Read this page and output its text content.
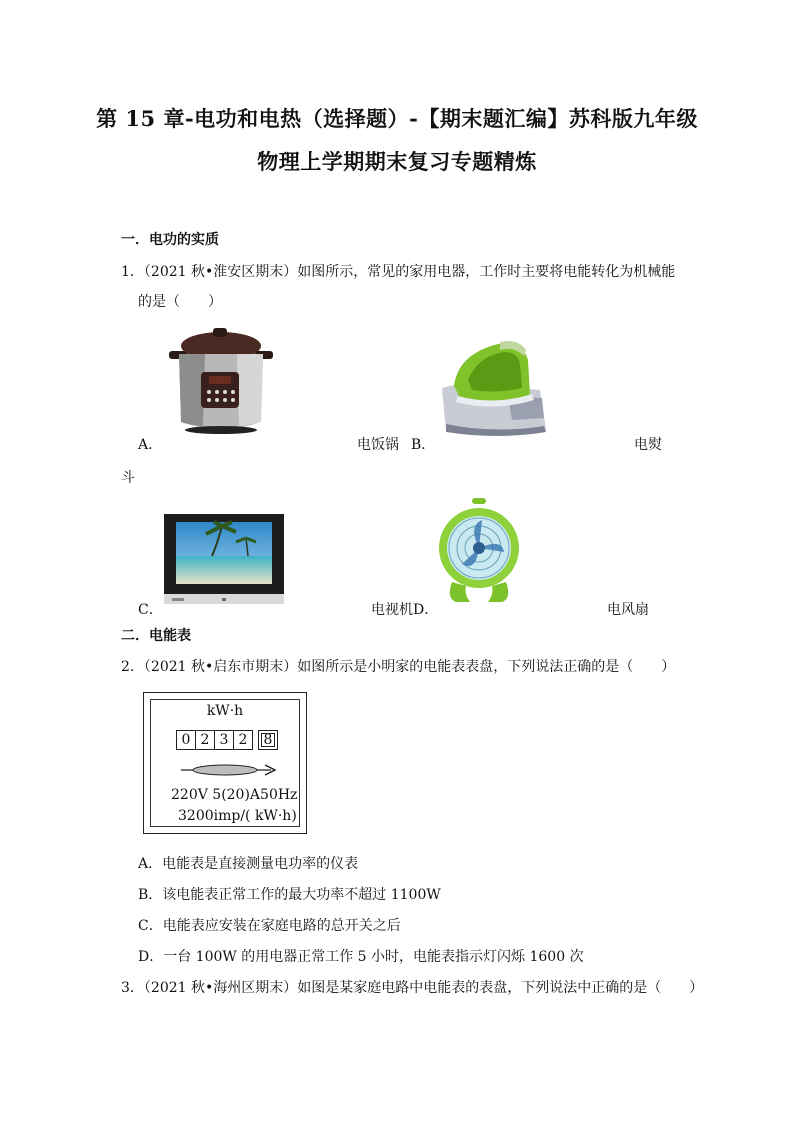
第 15 章-电功和电热（选择题）-【期末题汇编】苏科版九年级
物理上学期期末复习专题精炼
一．电功的实质
1．（2021 秋•淮安区期末）如图所示，常见的家用电器，工作时主要将电能转化为机械能
的是（　　）
A．	电饭锅 B．	电熨
斗
C．	电视机 D．	电风扇
二．电能表
2．（2021 秋•启东市期末）如图所示是小明家的电能表表盘，下列说法正确的是（　　）
kW·h
0 2 3 2	8
220V 5(20)A50Hz
3200imp/( kW·h)
A．电能表是直接测量电功率的仪表
B．该电能表正常工作的最大功率不超过 1100W
C．电能表应安装在家庭电路的总开关之后
D．一台 100W 的用电器正常工作 5 小时，电能表指示灯闪烁 1600 次
3．（2021 秋•海州区期末）如图是某家庭电路中电能表的表盘，下列说法中正确的是（　　）
